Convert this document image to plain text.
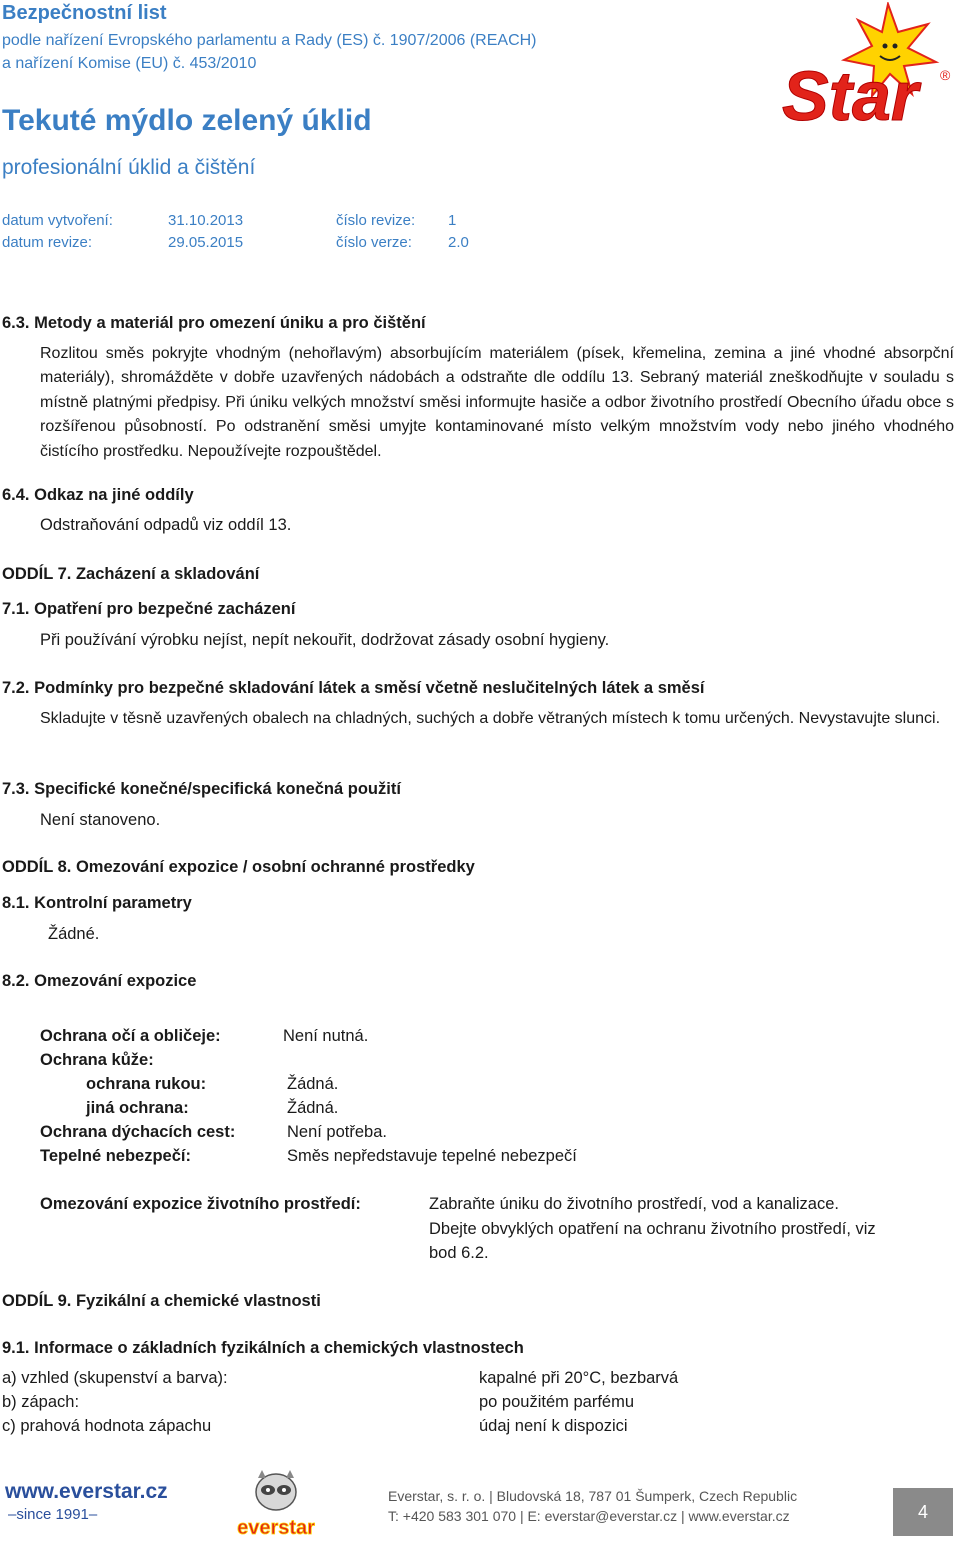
Bezpečnostní list
podle nařízení Evropského parlamentu a Rady (ES) č. 1907/2006 (REACH)
a nařízení Komise (EU) č. 453/2010
Tekuté mýdlo zelený úklid
profesionální úklid a čištění
datum vytvoření:	31.10.2013	číslo revize: 1
datum revize:	29.05.2015	číslo verze: 2.0
Star ®
6.3. Metody a materiál pro omezení úniku a pro čištění
Rozlitou směs pokryjte vhodným (nehořlavým) absorbujícím materiálem (písek, křemelina, zemina a jiné vhodné absorpční materiály), shromážděte v dobře uzavřených nádobách a odstraňte dle oddílu 13. Sebraný materiál zneškodňujte v souladu s místně platnými předpisy. Při úniku velkých množství směsi informujte hasiče a odbor životního prostředí Obecního úřadu obce s rozšířenou působností. Po odstranění směsi umyjte kontaminované místo velkým množstvím vody nebo jiného vhodného čistícího prostředku. Nepoužívejte rozpouštědel.
6.4. Odkaz na jiné oddíly
Odstraňování odpadů viz oddíl 13.
ODDÍL 7. Zacházení a skladování
7.1. Opatření pro bezpečné zacházení
Při používání výrobku nejíst, nepít nekouřit, dodržovat zásady osobní hygieny.
7.2. Podmínky pro bezpečné skladování látek a směsí včetně neslučitelných látek a směsí
Skladujte v těsně uzavřených obalech na chladných, suchých a dobře větraných místech k tomu určených. Nevystavujte slunci.
7.3. Specifické konečné/specifická konečná použití
Není stanoveno.
ODDÍL 8. Omezování expozice / osobní ochranné prostředky
8.1. Kontrolní parametry
Žádné.
8.2. Omezování expozice
Ochrana očí a obličeje:	Není nutná.
Ochrana kůže:
ochrana rukou:	Žádná.
jiná ochrana:	Žádná.
Ochrana dýchacích cest:	Není potřeba.
Tepelné nebezpečí:	Směs nepředstavuje tepelné nebezpečí
Omezování expozice životního prostředí:	Zabraňte úniku do životního prostředí, vod a kanalizace.
Dbejte obvyklých opatření na ochranu životního prostředí, viz
bod 6.2.
ODDÍL 9. Fyzikální a chemické vlastnosti
9.1. Informace o základních fyzikálních a chemických vlastnostech
a) vzhled (skupenství a barva):	kapalné při 20°C, bezbarvá
b) zápach:	po použitém parfému
c) prahová hodnota zápachu	údaj není k dispozici
www.everstar.cz
–since 1991–
everstar
Everstar, s. r. o. | Bludovská 18, 787 01 Šumperk, Czech Republic
T: +420 583 301 070 | E: everstar@everstar.cz | www.everstar.cz	4
